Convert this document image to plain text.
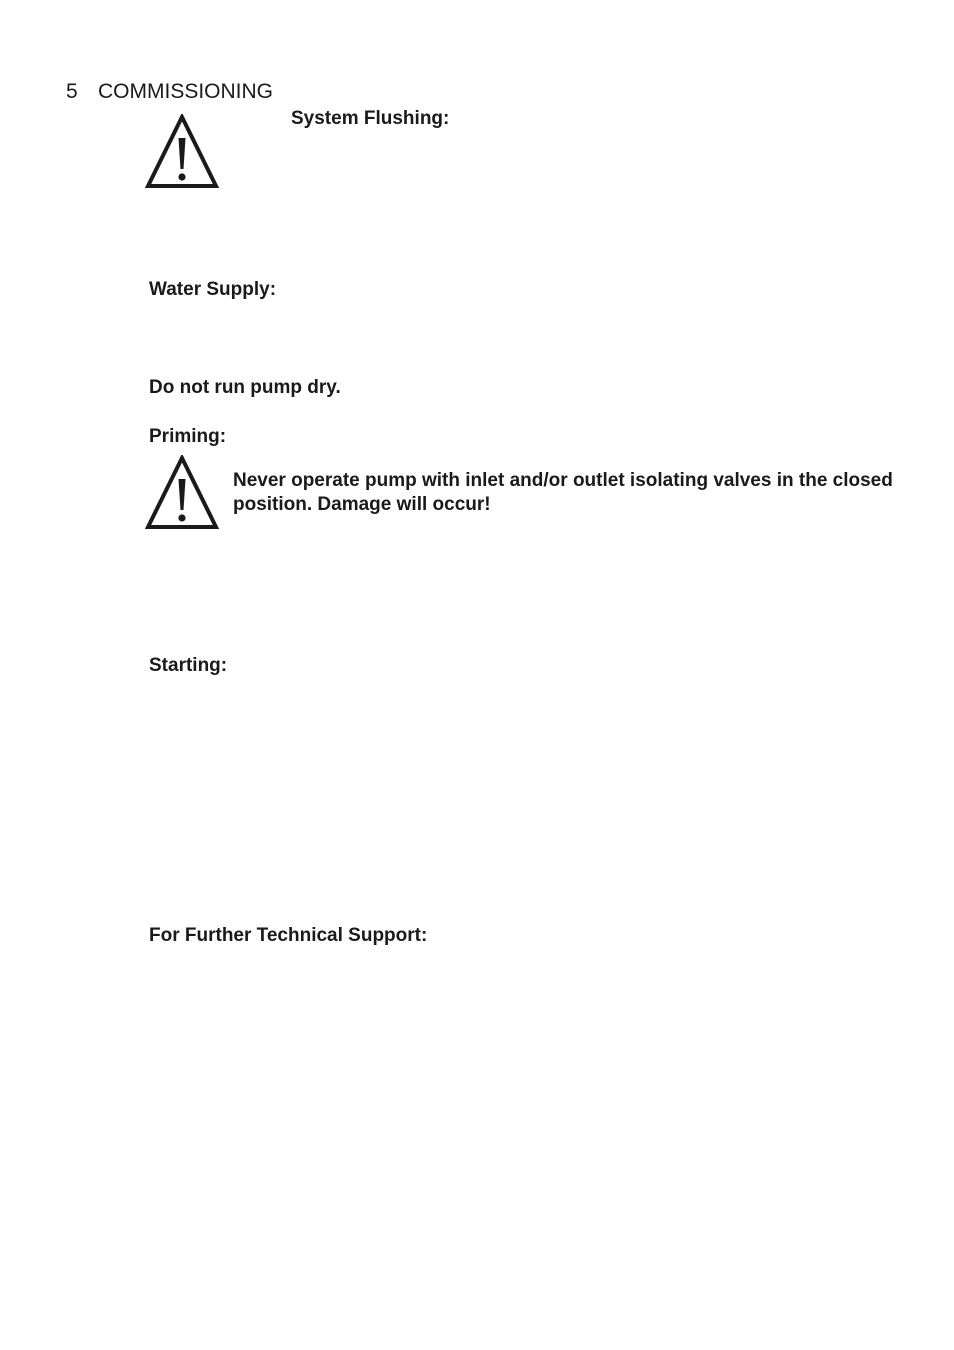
5 COMMISSIONING
System Flushing:
Water Supply:

Do not run pump dry.

Priming:

Never operate pump with inlet and/or outlet isolating valves in the closed position. Damage will occur!

Starting:
For Further Technical Support:
